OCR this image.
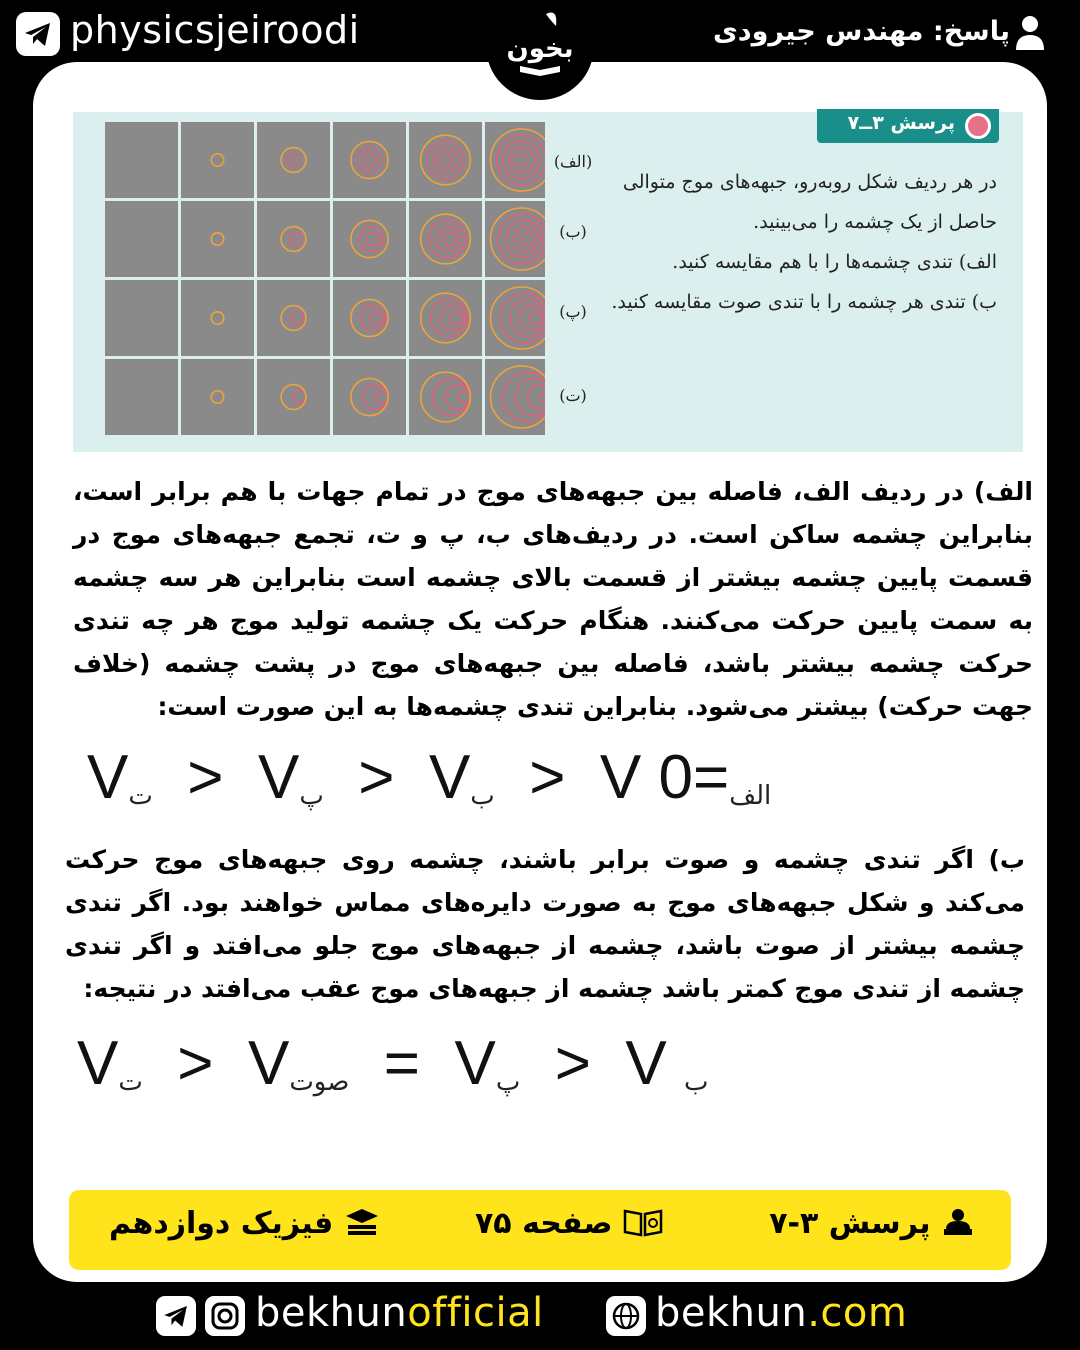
physicsjeiroodi	پاسخ: مهندس جیرودی
بخون
پرسش ۳ــ۷
(الف)
(ب)
(پ)
(ت)

در هر ردیف شکل روبه‌رو، جبهه‌های موج متوالی

حاصل از یک چشمه را می‌بینید.

الف) تندی چشمه‌ها را با هم مقایسه کنید.

ب) تندی هر چشمه را با تندی صوت مقایسه کنید.

الف) در ردیف الف، فاصله بین جبهه‌های موج در تمام جهات با هم برابر است، بنابراین چشمه ساکن است. در ردیف‌های ب، پ و ت، تجمع جبهه‌های موج در قسمت پایین چشمه بیشتر از قسمت بالای چشمه است بنابراین هر سه چشمه به سمت پایین حرکت می‌کنند. هنگام حرکت یک چشمه تولید موج هر چه تندی حرکت چشمه بیشتر باشد، فاصله بین جبهه‌های موج در پشت چشمه (خلاف جهت حرکت) بیشتر می‌شود. بنابراین تندی چشمه‌ها به این صورت است:
Vت > Vپ > Vب > V	الف=0
ب) اگر تندی چشمه و صوت برابر باشند، چشمه روی جبهه‌های موج حرکت می‌کند و شکل جبهه‌های موج به صورت دایره‌های مماس خواهند بود. اگر تندی چشمه بیشتر از صوت باشد، چشمه از جبهه‌های موج جلو می‌افتد و اگر تندی چشمه از تندی موج کمتر باشد چشمه از جبهه‌های موج عقب می‌افتد در نتیجه:
Vت > Vصوت = Vپ > V ب
پرسش ۳-۷
صفحه ۷۵
فیزیک دوازدهم
bekhunofficial	bekhun.com
